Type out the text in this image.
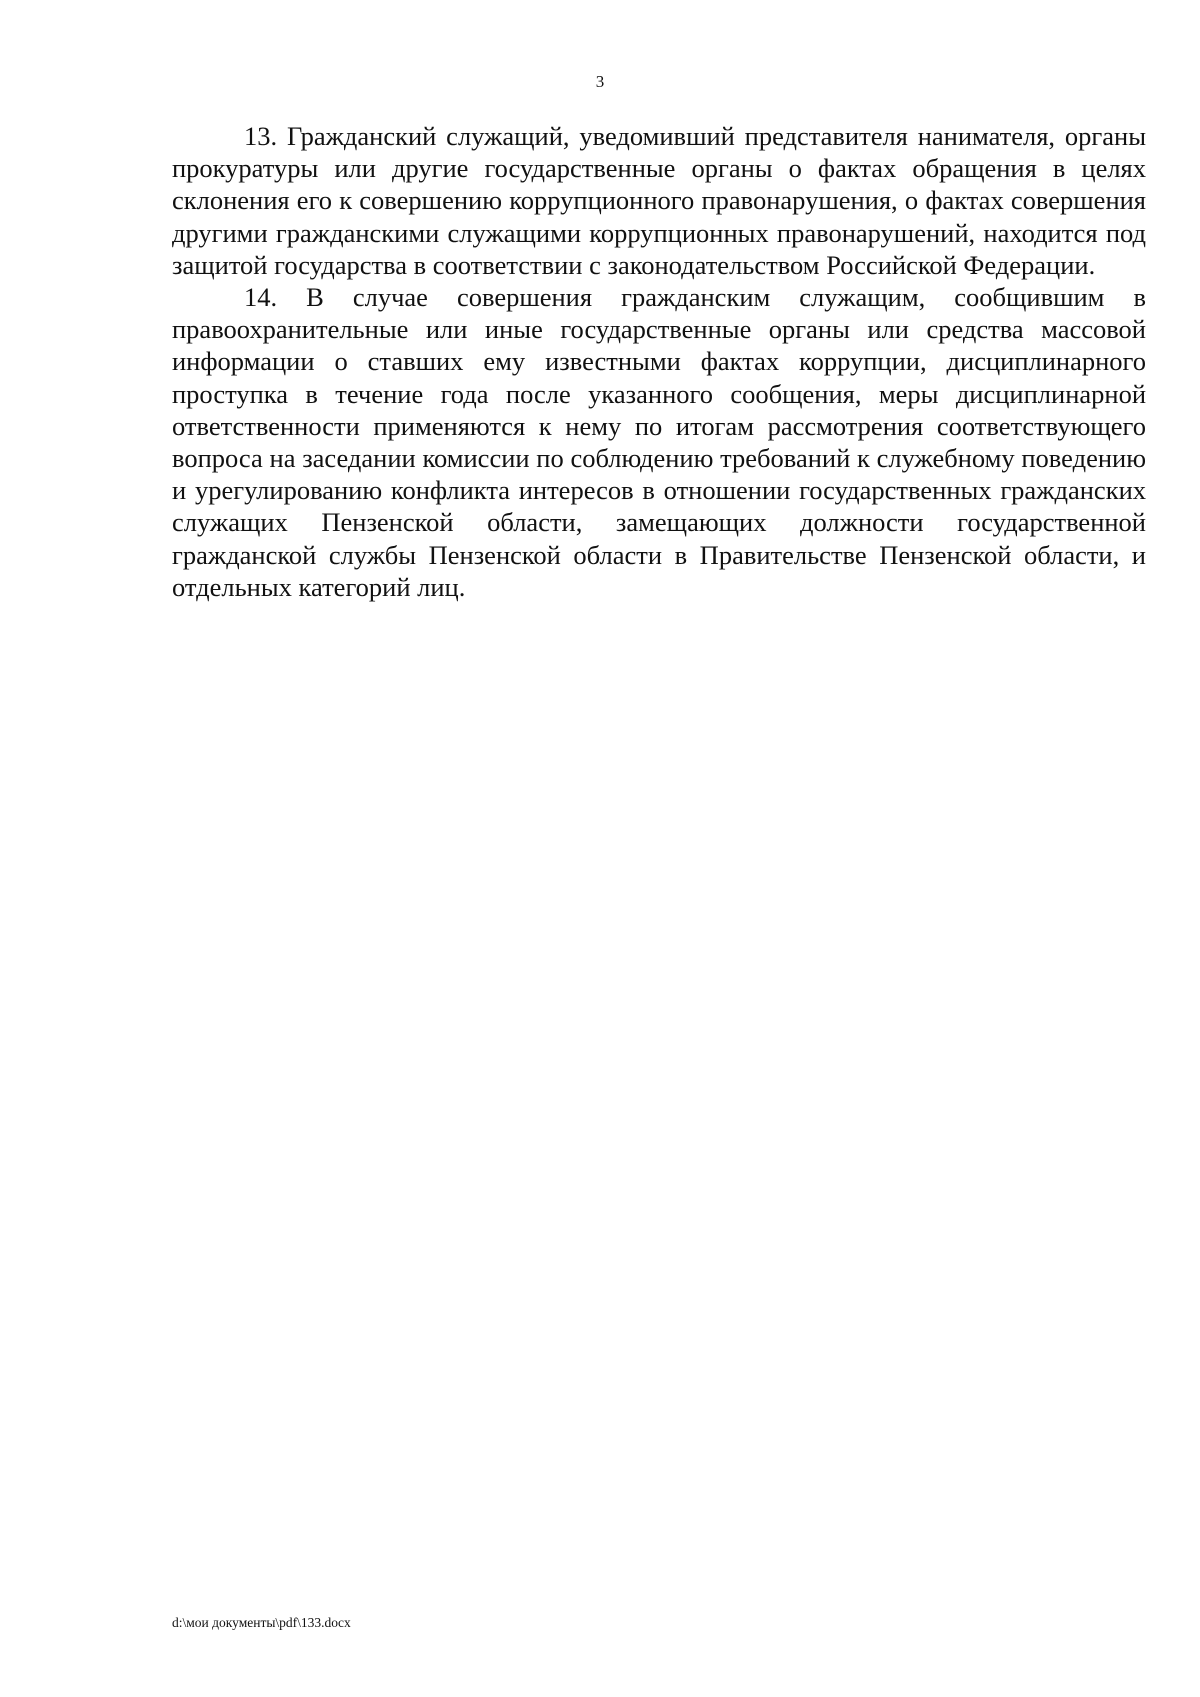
3

13. Гражданский служащий, уведомивший представителя нанимателя, органы прокуратуры или другие государственные органы о фактах обращения в целях склонения его к совершению коррупционного правонарушения, о фактах совершения другими гражданскими служащими коррупционных правонарушений, находится под защитой государства в соответствии с законодательством Российской Федерации.

14. В случае совершения гражданским служащим, сообщившим в правоохранительные или иные государственные органы или средства массовой информации о ставших ему известными фактах коррупции, дисциплинарного проступка в течение года после указанного сообщения, меры дисциплинарной ответственности применяются к нему по итогам рассмотрения соответствующего вопроса на заседании комиссии по соблюдению требований к служебному поведению и урегулированию конфликта интересов в отношении государственных гражданских служащих Пензенской области, замещающих должности государственной гражданской службы Пензенской области в Правительстве Пензенской области, и отдельных категорий лиц.

d:\мои документы\pdf\133.docx
